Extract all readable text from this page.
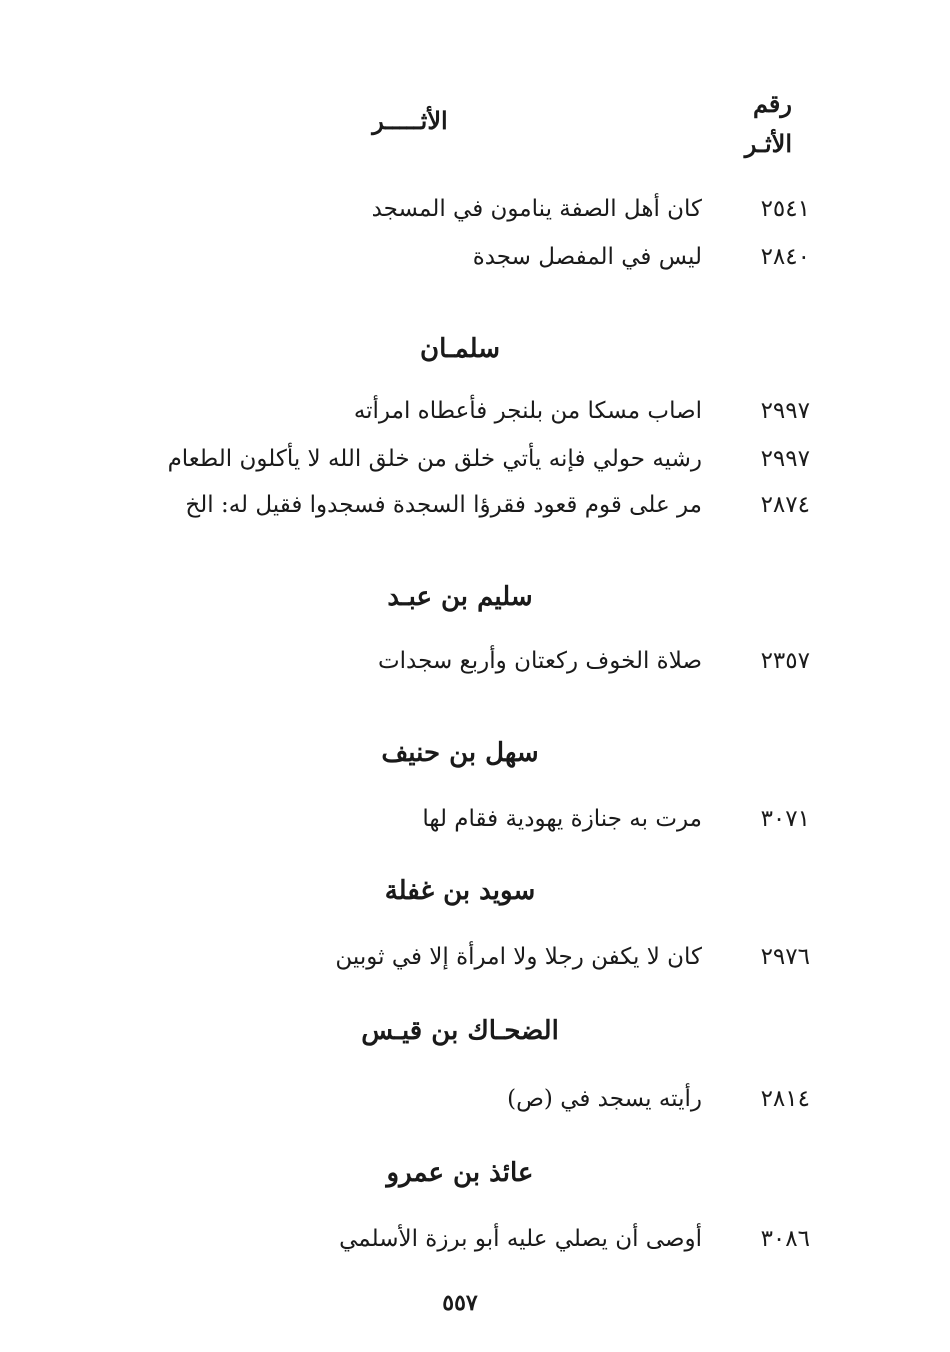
رقم
الأثـر
الأثـــــر
٢٥٤١
كان أهل الصفة ينامون في المسجد
٢٨٤٠
ليس في المفصل سجدة
سلمـان
٢٩٩٧
اصاب مسكا من بلنجر فأعطاه امرأته
٢٩٩٧
رشيه حولي فإنه يأتي خلق من خلق الله لا يأكلون الطعام
٢٨٧٤
مر على قوم قعود فقرؤا السجدة فسجدوا فقيل له: الخ
سليم بن عبـد
٢٣٥٧
صلاة الخوف ركعتان وأربع سجدات
سهل بن حنيف
٣٠٧١
مرت به جنازة يهودية فقام لها
سويد بن غفلة
٢٩٧٦
كان لا يكفن رجلا ولا امرأة إلا في ثوبين
الضحـاك بن قيـس
٢٨١٤
رأيته يسجد في (ص)
عائذ بن عمرو
٣٠٨٦
أوصى أن يصلي عليه أبو برزة الأسلمي
٥٥٧
